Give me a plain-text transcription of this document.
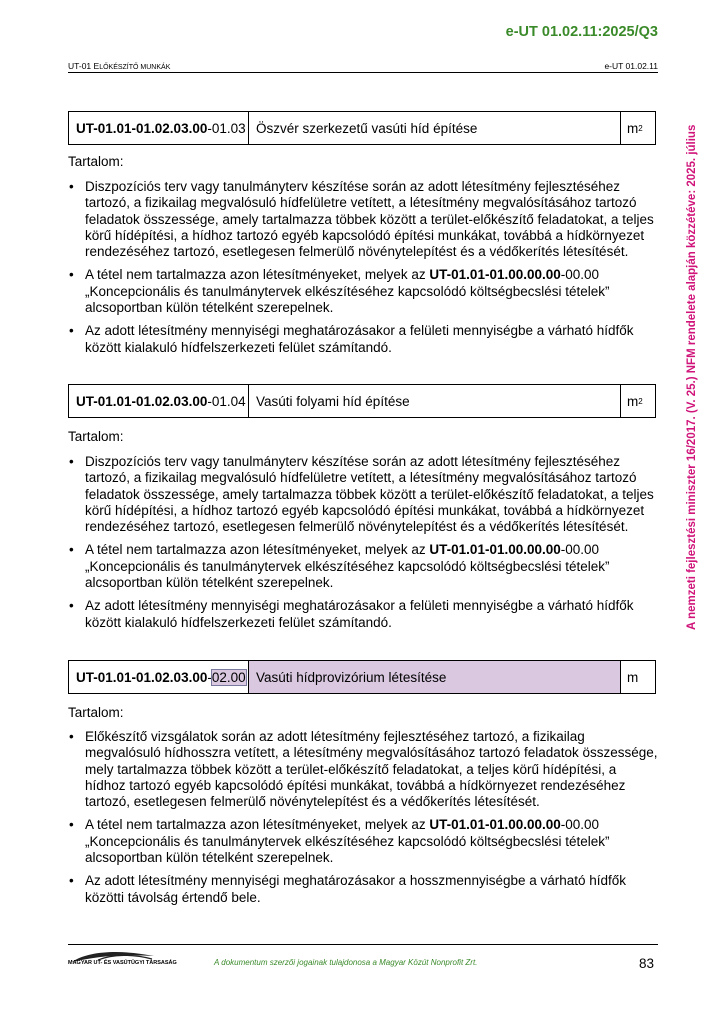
e-UT 01.02.11:2025/Q3
UT-01 ELŐKÉSZÍTŐ MUNKÁK	e-UT 01.02.11
A nemzeti fejlesztési miniszter 16/2017. (V. 25.) NFM rendelete alapján közzétéve: 2025. július
UT-01.01-01.02.03.00 -01.03 Öszvér szerkezetű vasúti híd építése	m 2
Tartalom:
• Diszpozíciós terv vagy tanulmányterv készítése során az adott létesítmény fejlesztéséhez tartozó, a fizikailag megvalósuló hídfelületre vetített, a létesítmény megvalósításához tartozó feladatok összessége, amely tartalmazza többek között a terület-előkészítő feladatokat, a teljes körű hídépítési, a hídhoz tartozó egyéb kapcsolódó építési munkákat, továbbá a hídkörnyezet rendezéséhez tartozó, esetlegesen felmerülő növénytelepítést és a védőkerítés létesítését.
• A tétel nem tartalmazza azon létesítményeket, melyek az UT-01.01-01.00.00.00-00.00 „Koncepcionális és tanulmánytervek elkészítéséhez kapcsolódó költségbecslési tételek” alcsoportban külön tételként szerepelnek.
• Az adott létesítmény mennyiségi meghatározásakor a felületi mennyiségbe a várható hídfők között kialakuló hídfelszerkezeti felület számítandó.
UT-01.01-01.02.03.00 -01.04 Vasúti folyami híd építése	m 2
Tartalom:
• Diszpozíciós terv vagy tanulmányterv készítése során az adott létesítmény fejlesztéséhez tartozó, a fizikailag megvalósuló hídfelületre vetített, a létesítmény megvalósításához tartozó feladatok összessége, amely tartalmazza többek között a terület-előkészítő feladatokat, a teljes körű hídépítési, a hídhoz tartozó egyéb kapcsolódó építési munkákat, továbbá a hídkörnyezet rendezéséhez tartozó, esetlegesen felmerülő növénytelepítést és a védőkerítés létesítését.
• A tétel nem tartalmazza azon létesítményeket, melyek az UT-01.01-01.00.00.00-00.00 „Koncepcionális és tanulmánytervek elkészítéséhez kapcsolódó költségbecslési tételek” alcsoportban külön tételként szerepelnek.
• Az adott létesítmény mennyiségi meghatározásakor a felületi mennyiségbe a várható hídfők között kialakuló hídfelszerkezeti felület számítandó.
UT-01.01-01.02.03.00 - 02.00 Vasúti hídprovizórium létesítése	m
Tartalom:
• Előkészítő vizsgálatok során az adott létesítmény fejlesztéséhez tartozó, a fizikailag megvalósuló hídhosszra vetített, a létesítmény megvalósításához tartozó feladatok összessége, mely tartalmazza többek között a terület-előkészítő feladatokat, a teljes körű hídépítési, a hídhoz tartozó egyéb kapcsolódó építési munkákat, továbbá a hídkörnyezet rendezéséhez tartozó, esetlegesen felmerülő növénytelepítést és a védőkerítés létesítését.
• A tétel nem tartalmazza azon létesítményeket, melyek az UT-01.01-01.00.00.00-00.00 „Koncepcionális és tanulmánytervek elkészítéséhez kapcsolódó költségbecslési tételek” alcsoportban külön tételként szerepelnek.
• Az adott létesítmény mennyiségi meghatározásakor a hosszmennyiségbe a várható hídfők közötti távolság értendő bele.
MAGYAR UT- ÉS VASÚTÜGYI TÁRSASÁG	A dokumentum szerzői jogainak tulajdonosa a Magyar Közút Nonprofit Zrt.	83
